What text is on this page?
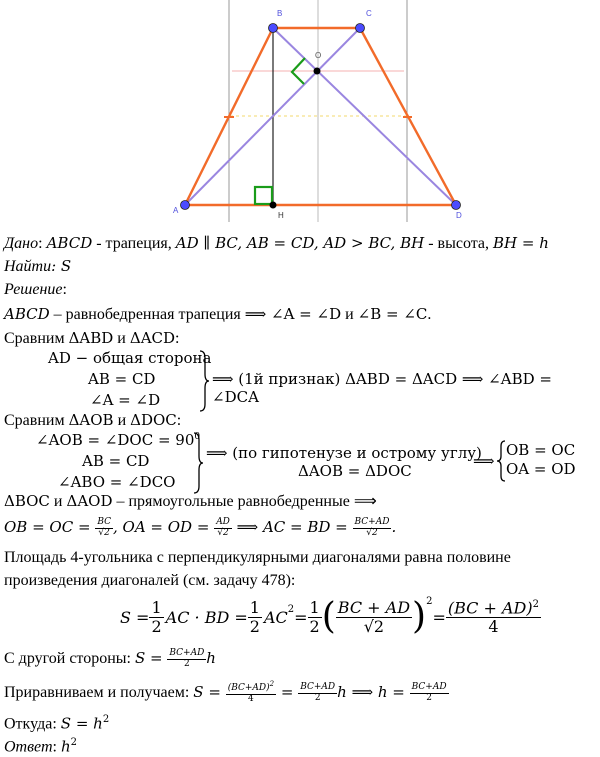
A
B	C
D
O
H
Дано: ABCD - трапеция, AD ∥ BC, AB = CD, AD > BC, BH - высота, BH = h
Найти: S
Решение:
ABCD – равнобедренная трапеция ⟹ ∠A = ∠D и ∠B = ∠C.
Сравним ΔABD и ΔACD:
AD − общая сторона
AB = CD
∠A = ∠D
⟹ (1й признак) ΔABD = ΔACD ⟹ ∠ABD = ∠DCA
Сравним ΔAOB и ΔDOC:
∠AOB = ∠DOC = $90^0$
AB = CD
∠ABO = ∠DCO
⟹ (по гипотенузе и острому углу)
ΔAOB = ΔDOC
⟹
OB = OC
OA = OD
ΔBOC и ΔAOD – прямоугольные равнобедренные ⟹
OB = OC = $\frac{BC}{√2}$ , OA = OD = $\frac{AD}{√2}$ ⟹ AC = BD = $\frac{BC+AD}{√2}$ .
Площадь 4-угольника с перпендикулярными диагоналями равна половине
произведения диагоналей (см. задачу 478):
$S = \frac{1}{2}$ AC · BD = $\frac{1}{2} AC^2 = \frac{1}{2}$ ( $\frac{BC + AD}{√2} )^2$
= $\frac{(BC + AD)^2}{4}$
С другой стороны: $S = \frac{BC+AD}{2}$ h
Приравниваем и получаем: $S = \frac{(BC+AD)^2}{4} = \frac{BC+AD}{2}$ h ⟹ $h = \frac{BC+AD}{2}$
Откуда: $S = h^2$
Ответ: $h^2$
